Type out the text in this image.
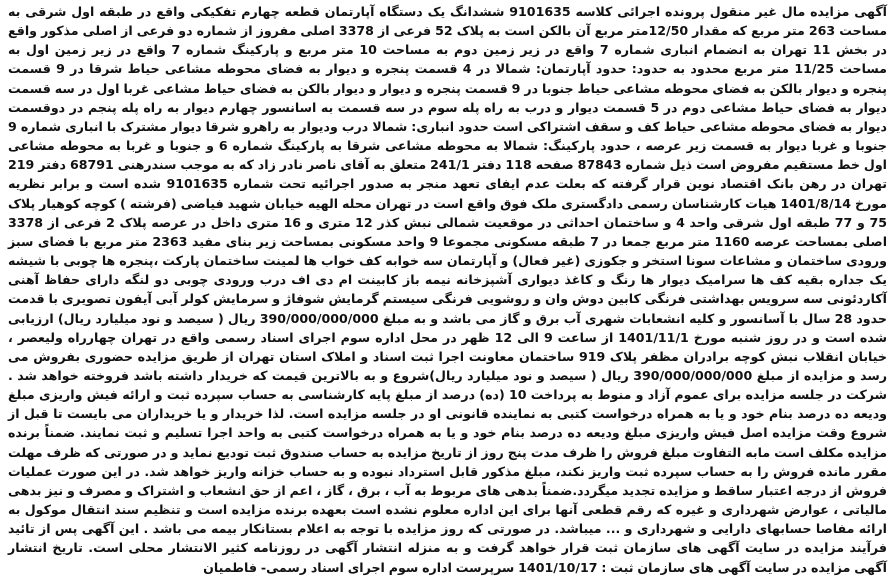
آگهی مزایده مال غیر منقول پرونده اجرائی کلاسه 9101635 ششدانگ یک دستگاه آپارتمان قطعه چهارم تفکیکی واقع در طبقه اول شرقی به مساحت 263 متر مربع که مقدار 12/50متر مربع آن بالکن است به پلاک 52 فرعی از 3378 اصلی مفروز از شماره دو فرعی از اصلی مذکور واقع در بخش 11 تهران به انضمام انباری شماره 7 واقع در زیر زمین دوم به مساحت 10 متر مربع و پارکینگ شماره 7 واقع در زیر زمین اول به مساحت 11/25 متر مربع محدود به حدود: حدود آپارتمان: شمالا در 4 قسمت پنجره و دیوار به فضای محوطه مشاعی حیاط شرقا در 9 قسمت پنجره و دیوار بالکن به فضای محوطه مشاعی حیاط جنوبا در 9 قسمت پنجره و دیوار و دیوار بالکن به فضای حیاط مشاعی غربا اول در سه قسمت دیوار به فضای حیاط مشاعی دوم در 5 قسمت دیوار و درب به راه پله سوم در سه قسمت به اسانسور چهارم دیوار به راه پله پنجم در دوقسمت دیوار به فضای محوطه مشاعی حیاط کف و سقف اشتراکی است حدود انباری: شمالا درب ودیوار به راهرو شرقا دیوار مشترک با انباری شماره 9 جنوبا و غربا دیوار به قسمت زیر عرصه ، حدود پارکینگ: شمالا به محوطه مشاعی شرقا به پارکینگ شماره 6 و جنوبا و غربا به محوطه مشاعی اول خط مستقیم مفروض است ذیل شماره 87843 صفحه 118 دفتر 241/1 متعلق به آقای ناصر نادر زاد که به موجب سندرهنی 68791 دفتر 219 تهران در رهن بانک اقتصاد نوین قرار گرفته که بعلت عدم ایفای تعهد منجر به صدور اجرائیه تحت شماره 9101635 شده است و برابر نظریه مورخ 1401/8/14 هیات کارشناسان رسمی دادگستری ملک فوق واقع است در تهران محله الهیه خیابان شهید فیاضی (فرشته ) کوچه کوهیار پلاک 75 و 77 طبقه اول شرقی واحد 4 و ساختمان احداثی در موقعیت شمالی نبش کذر 12 متری و 16 متری داخل در عرصه پلاک 2 فرعی از 3378 اصلی بمساحت عرصه 1160 متر مربع جمعا در 7 طبقه مسکونی مجموعا 9 واحد مسکونی بمساحت زیر بنای مفید 2363 متر مربع با فضای سبز ورودی ساختمان و مشاعات سونا استخر و جکوزی (غیر فعال) و آپارتمان سه خوابه کف خواب ها لمینت ساختمان پارکت ،پنجره ها چوبی با شیشه یک جداره بقیه کف ها سرامیک دیوار ها رنگ و کاغذ دیواری آشپزخانه نیمه باز کابینت ام دی اف درب ورودی چوبی دو لنگه دارای حفاظ آهنی آکاردئونی سه سرویس بهداشتی فرنگی کابین دوش وان و روشویی فرنگی سیستم گرمایش شوفاژ و سرمایش کولر آبی آیفون تصویری با قدمت حدود 28 سال با آسانسور و کلیه انشعابات شهری آب برق و گاز می باشد و به مبلغ 390/000/000/000 ریال ( سیصد و نود میلیارد ریال) ارزیابی شده است و در روز شنبه مورخ 1401/11/1 از ساعت 9 الی 12 ظهر در محل اداره سوم اجرای اسناد رسمی واقع در تهران چهارراه ولیعصر ، خیابان انقلاب نبش کوچه برادران مظفر پلاک 919 ساختمان معاونت اجرا ثبت اسناد و املاک استان تهران از طریق مزایده حضوری بفروش می رسد و مزایده از مبلغ 390/000/000/000 ریال ( سیصد و نود میلیارد ریال)شروع و به بالاترین قیمت که خریدار داشته باشد فروخته خواهد شد . شرکت در جلسه مزایده برای عموم آزاد و منوط به پرداخت 10 (ده) درصد از مبلغ پایه کارشناسی به حساب سپرده ثبت و ارائه فیش واریزی مبلغ ودیعه ده درصد بنام خود و یا به همراه درخواست کتبی به نماینده قانونی او در جلسه مزایده است. لذا خریدار و یا خریداران می بایست تا قبل از شروع وقت مزایده اصل فیش واریزی مبلغ ودیعه ده درصد بنام خود و یا به همراه درخواست کتبی به واحد اجرا تسلیم و ثبت نمایند. ضمناً برنده مزایده مکلف است مابه التفاوت مبلغ فروش را ظرف مدت پنج روز از تاریخ مزایده به حساب صندوق ثبت تودیع نماید و در صورتی که ظرف مهلت مقرر مانده فروش را به حساب سپرده ثبت واریز نکند، مبلغ مذکور قابل استرداد نبوده و به حساب خزانه واریز خواهد شد. در این صورت عملیات فروش از درجه اعتبار ساقط و مزایده تجدید میگردد.ضمناً بدهی های مربوط به آب ، برق ، گاز ، اعم از حق انشعاب و اشتراک و مصرف و نیز بدهی مالیاتی ، عوارض شهرداری و غیره که رقم قطعی آنها برای این اداره معلوم نشده است بعهده برنده مزایده است و تنظیم سند انتقال موکول به ارائه مفاصا حسابهای دارایی و شهرداری و ... میباشد. در صورتی که روز مزایده با توجه به اعلام بستانکار بیمه می باشد . این آگهی پس از تائید فرآیند مزایده در سایت آگهی های سازمان ثبت قرار خواهد گرفت و به منزله انتشار آگهی در روزنامه کثیر الانتشار محلی است. تاریخ انتشار آگهی مزایده در سایت آگهی های سازمان ثبت : 1401/10/17 سرپرست اداره سوم اجرای اسناد رسمی- فاطمیان
